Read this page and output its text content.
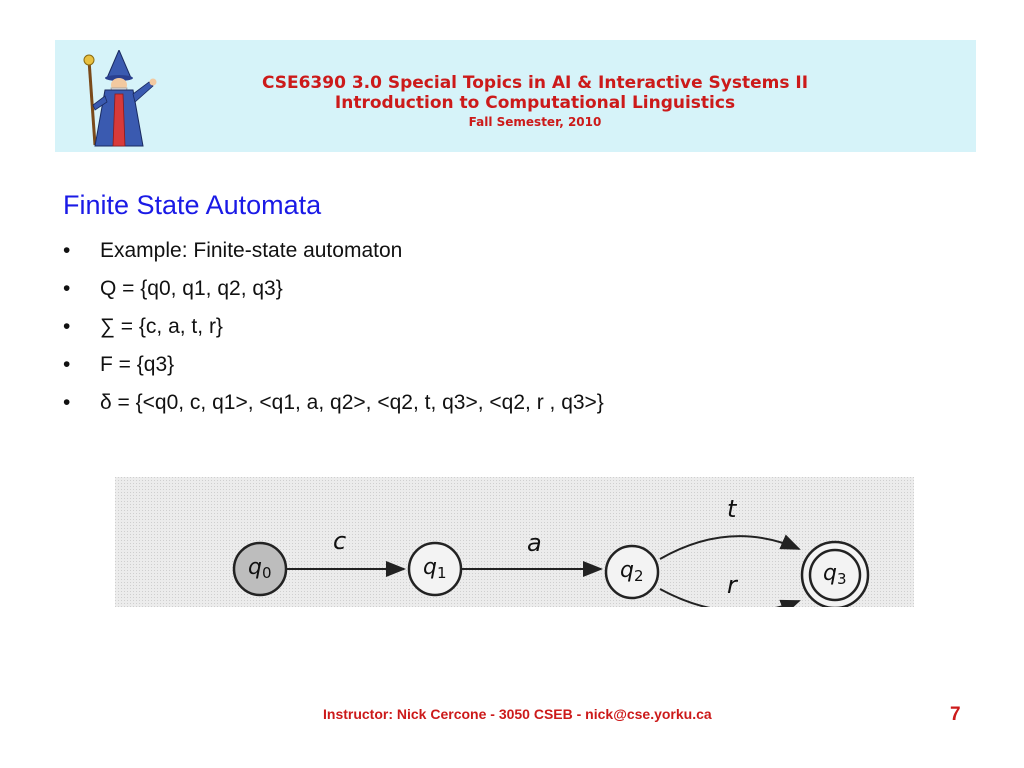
CSE6390 3.0 Special Topics in AI & Interactive Systems II
Introduction to Computational Linguistics
Fall Semester, 2010
Finite State Automata
• Example: Finite-state automaton
• Q = {q0, q1, q2, q3}
• ∑ = {c, a, t, r}
• F = {q3}
• δ = {<q0, c, q1>, <q1, a, q2>, <q2, t, q3>, <q2, r , q3>}
q0	q1	q2	q3
c	a
t
r
Instructor: Nick Cercone - 3050 CSEB - nick@cse.yorku.ca	7
